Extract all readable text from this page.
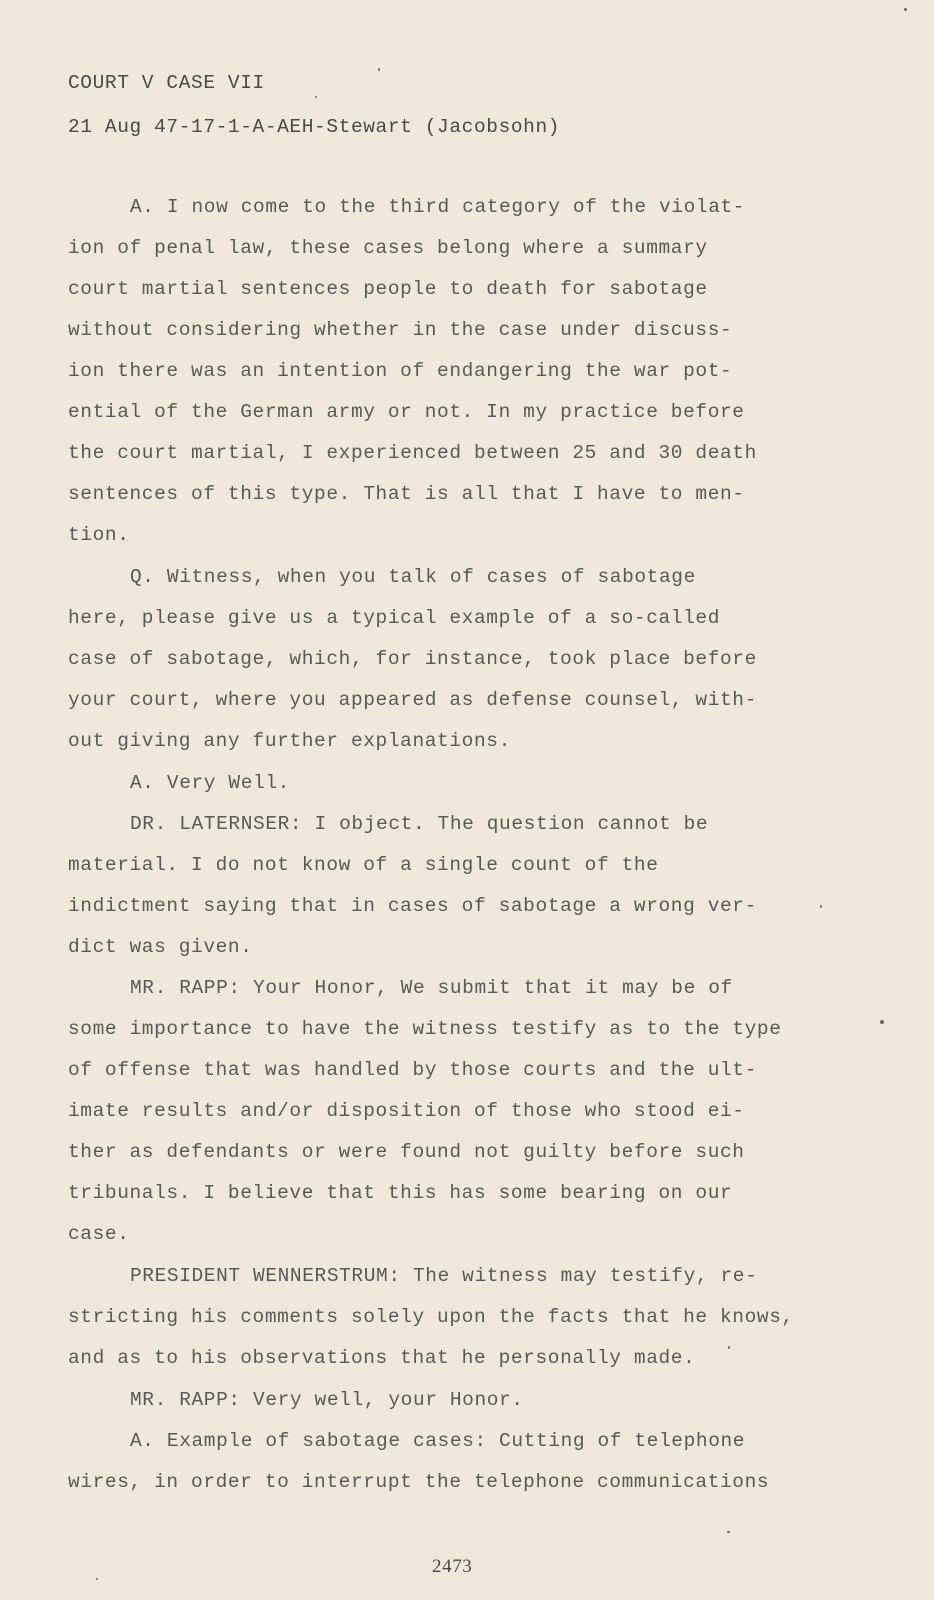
COURT V CASE VII
21 Aug 47-17-1-A-AEH-Stewart (Jacobsohn)
A. I now come to the third category of the violat-
ion of penal law, these cases belong where a summary
court martial sentences people to death for sabotage
without considering whether in the case under discuss-
ion there was an intention of endangering the war pot-
ential of the German army or not. In my practice before
the court martial, I experienced between 25 and 30 death
sentences of this type. That is all that I have to men-
tion.
Q. Witness, when you talk of cases of sabotage
here, please give us a typical example of a so-called
case of sabotage, which, for instance, took place before
your court, where you appeared as defense counsel, with-
out giving any further explanations.
A. Very Well.
DR. LATERNSER: I object. The question cannot be
material. I do not know of a single count of the
indictment saying that in cases of sabotage a wrong ver-
dict was given.
MR. RAPP: Your Honor, We submit that it may be of
some importance to have the witness testify as to the type
of offense that was handled by those courts and the ult-
imate results and/or disposition of those who stood ei-
ther as defendants or were found not guilty before such
tribunals. I believe that this has some bearing on our
case.
PRESIDENT WENNERSTRUM: The witness may testify, re-
stricting his comments solely upon the facts that he knows,
and as to his observations that he personally made.
MR. RAPP: Very well, your Honor.
A. Example of sabotage cases: Cutting of telephone
wires, in order to interrupt the telephone communications
2473
